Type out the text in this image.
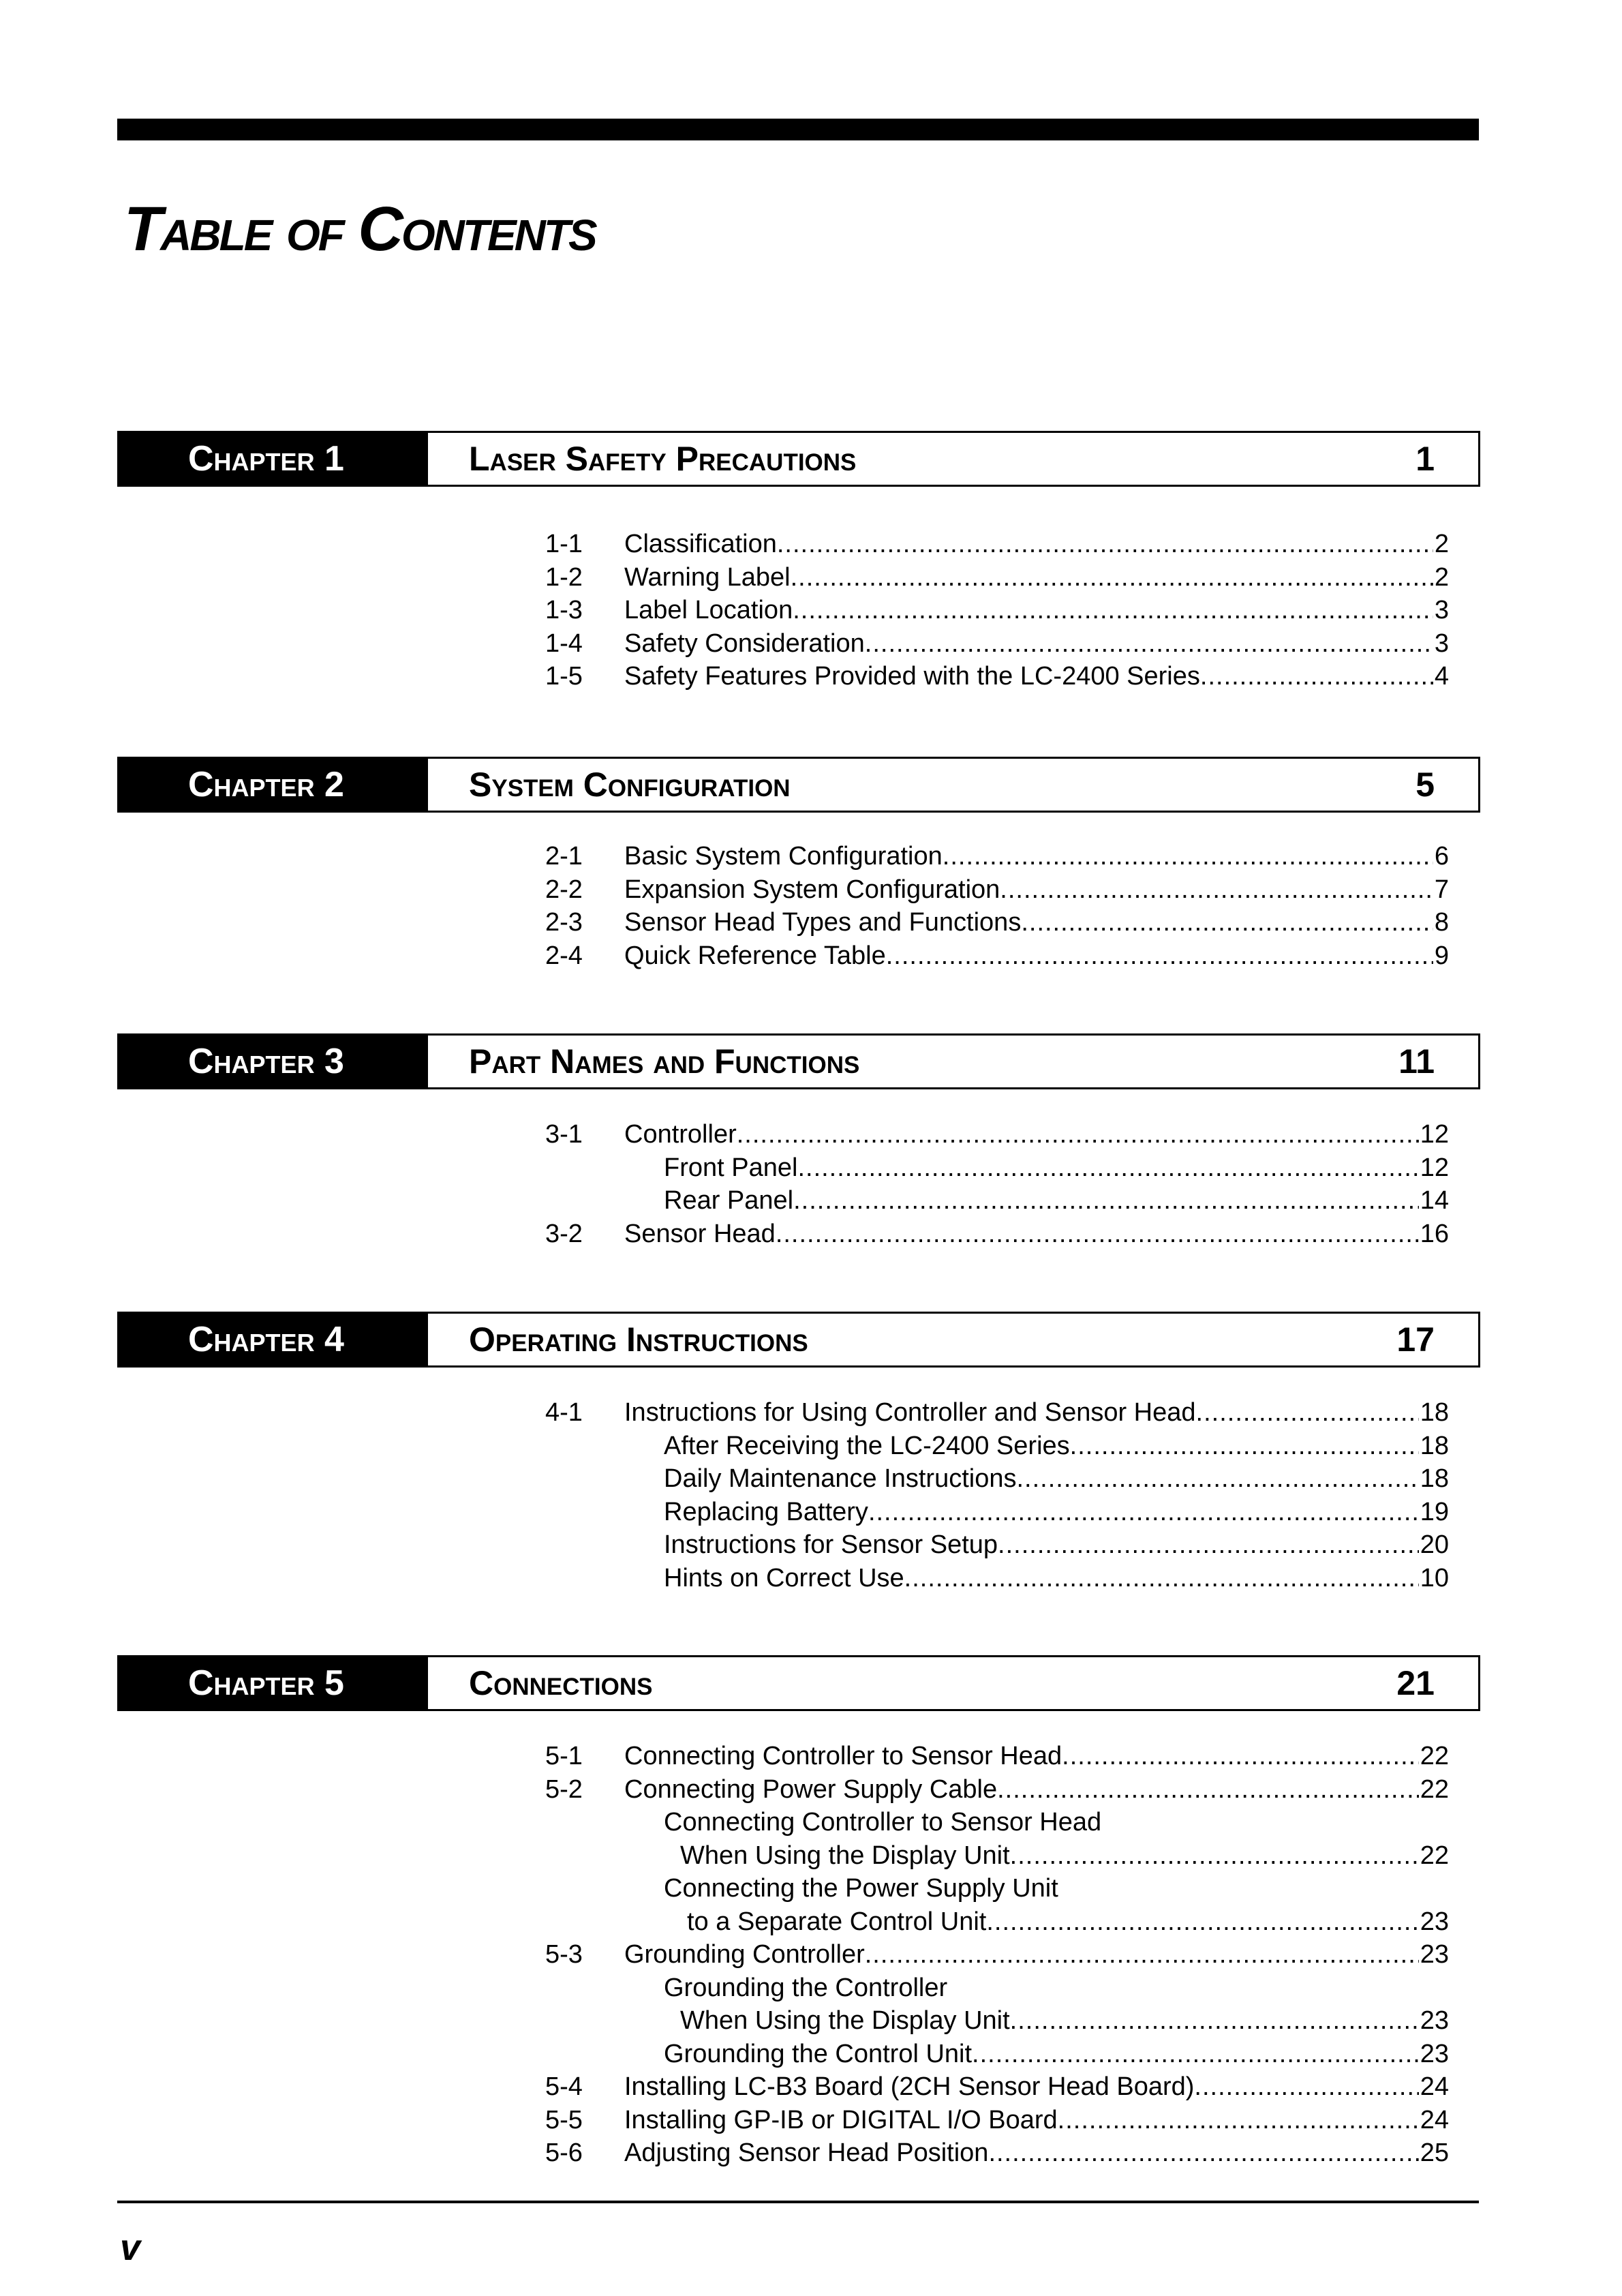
Table of Contents
Chapter 1	Laser Safety Precautions	1
1-1 Classification .....	2
1-2 Warning Label .....	2
1-3 Label Location .....	3
1-4 Safety Consideration .....	3
1-5 Safety Features Provided with the LC-2400 Series .....	4
Chapter 2	System Configuration	5
2-1 Basic System Configuration .....	6
2-2 Expansion System Configuration .....	7
2-3 Sensor Head Types and Functions .....	8
2-4 Quick Reference Table .....	9
Chapter 3	Part Names and Functions	11
3-1 Controller .....	12
Front Panel .....	12
Rear Panel .....	14
3-2 Sensor Head .....	16
Chapter 4	Operating Instructions	17
4-1 Instructions for Using Controller and Sensor Head .....	18
After Receiving the LC-2400 Series .....	18
Daily Maintenance Instructions .....	18
Replacing Battery .....	19
Instructions for Sensor Setup .....	20
Hints on Correct Use .....	10
Chapter 5	Connections	21
5-1 Connecting Controller to Sensor Head .....	22
5-2 Connecting Power Supply Cable .....	22
Connecting Controller to Sensor Head
When Using the Display Unit .....	22
Connecting the Power Supply Unit
to a Separate Control Unit .....	23
5-3 Grounding Controller .....	23
Grounding the Controller
When Using the Display Unit .....	23
Grounding the Control Unit .....	23
5-4 Installing LC-B3 Board (2CH Sensor Head Board) .....	24
5-5 Installing GP-IB or DIGITAL I/O Board .....	24
5-6 Adjusting Sensor Head Position .....	25
v
